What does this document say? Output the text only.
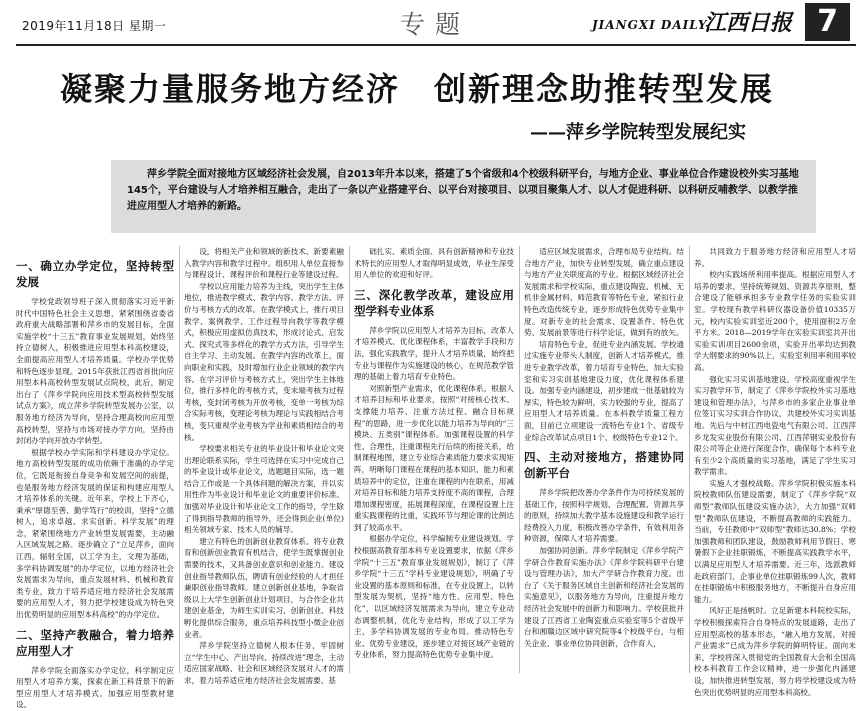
2019年11月18日 星期一	专题	JIANGXI DAILY
江西日报 7
凝聚力量服务地方经济　创新理念助推转型发展
——萍乡学院转型发展纪实
萍乡学院全面对接地方区域经济社会发展，自2013年升本以来，搭建了5个省级和4个校级科研平台，与地方企业、事业单位合作建设校外实习基地145个，平台建设与人才培养相互融合，走出了一条以产业搭建平台、以平台对接项目、以项目聚集人才、以人才促进科研、以科研反哺教学、以教学推进应用型人才培养的新路。
一、确立办学定位，坚持转型发展

学校党政领导班子深入贯彻落实习近平新时代中国特色社会主义思想，紧紧围绕省委省政府重大战略部署和萍乡市的发展目标，全面实施学校“十三五”教育事业发展规划，始终坚持立德树人，积极推进应用型本科高校建设，全面提高应用型人才培养质量。学校办学优势和特色逐步显现。2015年获批江西省首批向应用型本科高校转型发展试点院校，此后，制定出台了《萍乡学院向应用技术型高校转型发展试点方案》，成立萍乡学院转型发展办公室，以服务地方经济为导向，坚持合理高校向应用型高校转型，坚持与市场对接办学方向，坚持由封闭办学向开放办学转型。

根据学校办学实际和学科建设办学定位。地方高校转型发展的成功依赖于准确的办学定位，它既是衔接自身竞争和发展空间的前提，也是服务地方经济发展的保证和构建应用型人才培养体系的关键。近年来，学校上下齐心，秉承“厚德至善、勤学笃行”的校训，坚持“立德树人，追求卓越、求实创新、科学发展”的理念，紧紧围绕地方产业转型发展需要，主动融入区域发展之路。逐步确立了“立足萍乡，面向江西，辐射全国，以工学为主，文理为基础，多学科协调发展”的办学定位，以地方经济社会发展需求为导向，重点发展材料、机械和教育类专业，致力于培养适应地方经济社会发展需要的应用型人才，努力把学校建设成为特色突出优势明显的应用型本科高校”的办学定位。

二、坚持产教融合，着力培养应用型人才

萍乡学院全面落实办学定位，科学制定应用型人才培养方案，探索在新工科背景下的新型应用型人才培养模式。加强应用型教材建设。

设，将相关产业和领域的新技术、新要素融入教学内容和教学过程中。组织用人单位直接参与课程设计、课程评价和课程行业等建设过程。

学校以应用能力培养为主线，突出学生主体地位，推进教学模式、教学内容、教学方法、评价与考核方式的改革。在教学模式上，推行项目教学、案例教学、工作过程导向教学等教学模式，积极应用虚拟仿真技术，形成讨论式、启发式、探究式等多样化的教学方式方法，引导学生自主学习、主动发展。在教学内容的改革上，面向职业和实践，及时增加行业企业领域的教学内容。在学习评价与考核方式上，突出学生主体地位，推行多样化的考核方式，变未端考核为过程考核，变封闭考核为开放考核，变单一考核为综合实际考核，变理论考核为理论与实践相结合考核，变只重视学业考核为学业和素质相结合的考核。

学校要求相关专业的毕业设计和毕业论文突出理论联系实际，学生可选择在实习中完成自己的毕业设计或毕业论文，选题题目实际，选一题结合工作或是一个具体问题的解决方案，并以实用性作为毕业设计和毕业论文的重要评价标准。加强对毕业设计和毕业论文工作的指导，学生除了得到指导教师的指导外，还会得到企业(单位)相关领域专家、技术人员的辅导。

建立有特色的创新创业教育体系。将专业教育和创新创业教育有机结合，使学生既掌握创业需要的技术，又具备创业意识和创业能力。建设创业指导教师队伍，聘请有创业经验的人才担任兼职创业指导教师。建立创新创业基地，争取省级以上大学生创新创业计划项目，与合作企业共建创业基金，为师生实训实习、创新创业、科技孵化提供综合服务，重点培养科技型小微企业创业者。

萍乡学院坚持立德树人根本任务，牢固树立“学生中心、产出导向、持续改进”理念，主动适应国家战略、社会和区域经济发展对人才的需求，着力培养适应地方经济社会发展需要、基

础扎实、素质全面、具有创新精神和专业技术特长的应用型人才取得明显成效，毕业生深受用人单位的欢迎和好评。

三、深化教学改革，建设应用型学科专业体系

萍乡学院以应用型人才培养为目标，改革人才培养模式、优化课程体系，丰富教学手段和方法，强化实践教学，提升人才培养质量，始终把专业与课程作为实施建设的核心，在规范教学管理的基础上着力培育专业特色。

对照新型产业需求，优化课程体系。根据人才培养目标和毕业要求，按照“对接核心技术、支撑能力培养、注重方法过程、融合目标规程”的思路，进一步优化以能力培养为导向的“三模块、五类别”课程体系。加强课程设置的科学性、合理性，注重课程先行后续的衔接关系，给制课程地图，建立专业综合素质能力要求实现矩阵，明晰每门课程在课程的基本知识、能力和素质培养中的定位，注重在课程的内在联系，用减对培养目标和能力培养支持度不高的课程，合理增加课程密度，拓展课程深度，在课程设置上注重实践课程的比重，实践环节与理论课的比例达到了较高水平。

根据办学定位，科学编制专业建设规划。学校根据高教育部本科专业设置要求，依据《萍乡学院“十三五”教育事业发展规划》，制订了《萍乡学院“十三五”学科专业建设规划》，明确了专业设置的基本原则和标准，在专业设置上，以转型发展为契机，坚持“地方性、应用型、特色化”，以区域经济发展需求为导向，建立专业动态调整机制，优化专业结构，形成了以工学为主，多学科协调发展的专业布局。推动特色专业、优势专业建设，逐步建立对接区域产业链的专业体系，努力提高特色优势专业集中度。

适应区域发展需求，合理布局专业结构。结合地方产业，加快专业转型发展，确立重点建设与地方产业关联度高的专业。根据区域经济社会发展需求和学校实际，重点建设陶瓷、机械、无机非金属材料、师范教育等特色专业，紧扣行业特色改造传统专业，逐步形成特色优势专业集中度。对新专业的社会需求、设置条件、特色优势、发展前景等进行科学论证，做到有的放矢。

培育特色专业，促进专业内涵发展。学校通过实施专业带头人制度，创新人才培养模式，推进专业教学改革，着力培育专业特色，加大实验室和实习实训基地建设力度，优化课程体系建设。加强专业内涵建设，初步建成一批基础较为厚实，特色较为鲜明，实力较强的专业，提高了应用型人才培养质量。在本科教学质量工程方面，目前已立项建设一流特色专业1个、省级专业综合改革试点项目1个、校级特色专业12个。

四、主动对接地方，搭建协同创新平台

萍乡学院把改善办学条件作为可持续发展的基础工作，按照科学规划、合理配置、资源共享的原则，持续加大教学基本设施建设和教学运行经费投入力度，积极改善办学条件，有效利用各种资源，保障人才培养需要。

加强协同创新。萍乡学院制定《萍乡学院产学研合作教育实施办法》《萍乡学院科研平台建设与管理办法》，加大产学研合作教育力度。出台了《关于服务区域自主创新和经济社会发展的实施意见》，以服务地方为导向，注重提升地方经济社会发展中的创新力和影响力。学校获批并建设了江西省工业陶瓷重点实验室等5个省级平台和湘赣边区域中研究院等4个校级平台，与相关企业、事业单位协同创新，合作育人，

共同致力于服务地方经济和应用型人才培养。

校内实践场所利用率提高。根据应用型人才培养的要求，坚持统筹规划、资源共享原则，整合建设了能够承担多专业教学任务的实验实训室。学校现有教学科研仪器设备价值10335万元，校内实验实训室近200个，使用面积2万余平方米。2018—2019学年在实验实训室共开出实验实训项目2600余项，实验开出率均达到教学大纲要求的90%以上，实验室利用率利用率较高。

强化实习实训基地建设。学校高度重视学生实习教学环节，制定了《萍乡学院校外实习基地建设和管理办法》，与萍乡市的多家企业事业单位签订实习实训合作协议，共建校外实习实训基地。先后与中材江西电瓷电气有限公司、江西萍乡龙发实业股份有限公司、江西萍钢实业股份有限公司等企业进行深度合作，确保每个本科专业有至少2个高质量的实习基地，满足了学生实习教学需求。

实施人才强校战略。萍乡学院积极实施本科院校教师队伍建设需要，制定了《萍乡学院“双师型”教师队伍建设实施办法》，大力加强“双师型”教师队伍建设，不断提高教师的实践能力。当前，专任教师中“双师型”教师达30.8%；学校加强教师和团队建设，鼓励教师利用节假日、寒暑假下企业挂职锻炼，不断提高实践教学水平，以满足应用型人才培养需要。近三年，选派教师赴政府部门、企事业单位挂职锻炼99人次，教师在挂职锻炼中积极服务地方，不断提升自身应用能力。

风好正是扬帆时。立足新建本科院校实际，学校积极探索符合自身特点的发展道路，走出了应用型高校的基本形态，“融入地方发展，对接产业需求”已成为萍乡学院的鲜明特征。面向未来，学校将深入贯彻党的全国教育大会和全国高校本科教育工作会议精神，进一步强化内涵建设，加快推进转型发展，努力将学校建设成为特色突出优势明显的应用型本科高校。
